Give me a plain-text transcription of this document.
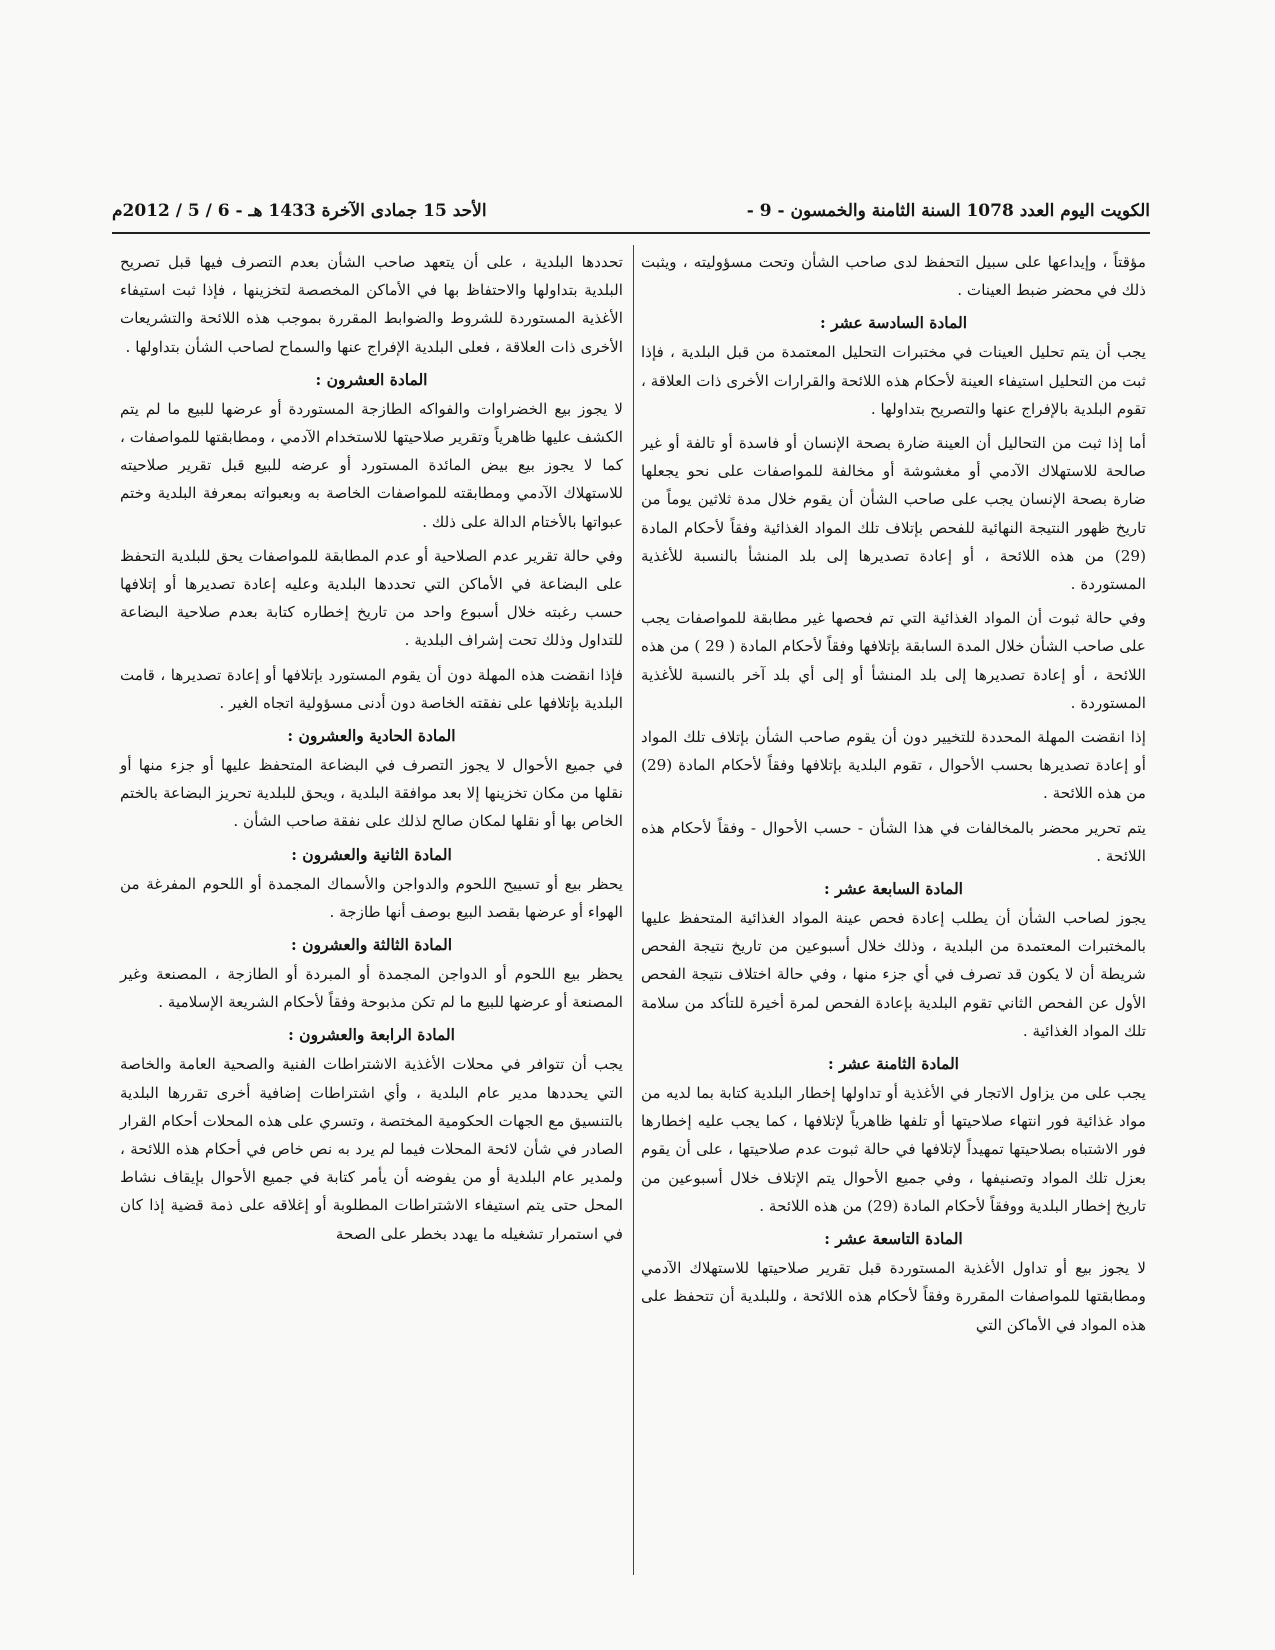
الكويت اليوم العدد 1078 السنة الثامنة والخمسون - 9 -
الأحد 15 جمادى الآخرة 1433 هـ - 6 / 5 / 2012م

مؤقتاً ، وإيداعها على سبيل التحفظ لدى صاحب الشأن وتحت مسؤوليته ، ويثبت ذلك في محضر ضبط العينات .

المادة السادسة عشر :

يجب أن يتم تحليل العينات في مختبرات التحليل المعتمدة من قبل البلدية ، فإذا ثبت من التحليل استيفاء العينة لأحكام هذه اللائحة والقرارات الأخرى ذات العلاقة ، تقوم البلدية بالإفراج عنها والتصريح بتداولها .

أما إذا ثبت من التحاليل أن العينة ضارة بصحة الإنسان أو فاسدة أو تالفة أو غير صالحة للاستهلاك الآدمي أو مغشوشة أو مخالفة للمواصفات على نحو يجعلها ضارة بصحة الإنسان يجب على صاحب الشأن أن يقوم خلال مدة ثلاثين يوماً من تاريخ ظهور النتيجة النهائية للفحص بإتلاف تلك المواد الغذائية وفقاً لأحكام المادة (29) من هذه اللائحة ، أو إعادة تصديرها إلى بلد المنشأ بالنسبة للأغذية المستوردة .

وفي حالة ثبوت أن المواد الغذائية التي تم فحصها غير مطابقة للمواصفات يجب على صاحب الشأن خلال المدة السابقة بإتلافها وفقاً لأحكام المادة ( 29 ) من هذه اللائحة ، أو إعادة تصديرها إلى بلد المنشأ أو إلى أي بلد آخر بالنسبة للأغذية المستوردة .

إذا انقضت المهلة المحددة للتخيير دون أن يقوم صاحب الشأن بإتلاف تلك المواد أو إعادة تصديرها بحسب الأحوال ، تقوم البلدية بإتلافها وفقاً لأحكام المادة (29) من هذه اللائحة .

يتم تحرير محضر بالمخالفات في هذا الشأن - حسب الأحوال - وفقاً لأحكام هذه اللائحة .

المادة السابعة عشر :

يجوز لصاحب الشأن أن يطلب إعادة فحص عينة المواد الغذائية المتحفظ عليها بالمختبرات المعتمدة من البلدية ، وذلك خلال أسبوعين من تاريخ نتيجة الفحص شريطة أن لا يكون قد تصرف في أي جزء منها ، وفي حالة اختلاف نتيجة الفحص الأول عن الفحص الثاني تقوم البلدية بإعادة الفحص لمرة أخيرة للتأكد من سلامة تلك المواد الغذائية .

المادة الثامنة عشر :

يجب على من يزاول الاتجار في الأغذية أو تداولها إخطار البلدية كتابة بما لديه من مواد غذائية فور انتهاء صلاحيتها أو تلفها ظاهرياً لإتلافها ، كما يجب عليه إخطارها فور الاشتباه بصلاحيتها تمهيداً لإتلافها في حالة ثبوت عدم صلاحيتها ، على أن يقوم بعزل تلك المواد وتصنيفها ، وفي جميع الأحوال يتم الإتلاف خلال أسبوعين من تاريخ إخطار البلدية ووفقاً لأحكام المادة (29) من هذه اللائحة .

المادة التاسعة عشر :

لا يجوز بيع أو تداول الأغذية المستوردة قبل تقرير صلاحيتها للاستهلاك الآدمي ومطابقتها للمواصفات المقررة وفقاً لأحكام هذه اللائحة ، وللبلدية أن تتحفظ على هذه المواد في الأماكن التي

تحددها البلدية ، على أن يتعهد صاحب الشأن بعدم التصرف فيها قبل تصريح البلدية بتداولها والاحتفاظ بها في الأماكن المخصصة لتخزينها ، فإذا ثبت استيفاء الأغذية المستوردة للشروط والضوابط المقررة بموجب هذه اللائحة والتشريعات الأخرى ذات العلاقة ، فعلى البلدية الإفراج عنها والسماح لصاحب الشأن بتداولها .

المادة العشرون :

لا يجوز بيع الخضراوات والفواكه الطازجة المستوردة أو عرضها للبيع ما لم يتم الكشف عليها ظاهرياً وتقرير صلاحيتها للاستخدام الآدمي ، ومطابقتها للمواصفات ، كما لا يجوز بيع بيض المائدة المستورد أو عرضه للبيع قبل تقرير صلاحيته للاستهلاك الآدمي ومطابقته للمواصفات الخاصة به وبعبواته بمعرفة البلدية وختم عبواتها بالأختام الدالة على ذلك .

وفي حالة تقرير عدم الصلاحية أو عدم المطابقة للمواصفات يحق للبلدية التحفظ على البضاعة في الأماكن التي تحددها البلدية وعليه إعادة تصديرها أو إتلافها حسب رغبته خلال أسبوع واحد من تاريخ إخطاره كتابة بعدم صلاحية البضاعة للتداول وذلك تحت إشراف البلدية .

فإذا انقضت هذه المهلة دون أن يقوم المستورد بإتلافها أو إعادة تصديرها ، قامت البلدية بإتلافها على نفقته الخاصة دون أدنى مسؤولية اتجاه الغير .

المادة الحادية والعشرون :

في جميع الأحوال لا يجوز التصرف في البضاعة المتحفظ عليها أو جزء منها أو نقلها من مكان تخزينها إلا بعد موافقة البلدية ، ويحق للبلدية تحريز البضاعة بالختم الخاص بها أو نقلها لمكان صالح لذلك على نفقة صاحب الشأن .

المادة الثانية والعشرون :

يحظر بيع أو تسييح اللحوم والدواجن والأسماك المجمدة أو اللحوم المفرغة من الهواء أو عرضها بقصد البيع بوصف أنها طازجة .

المادة الثالثة والعشرون :

يحظر بيع اللحوم أو الدواجن المجمدة أو المبردة أو الطازجة ، المصنعة وغير المصنعة أو عرضها للبيع ما لم تكن مذبوحة وفقاً لأحكام الشريعة الإسلامية .

المادة الرابعة والعشرون :

يجب أن تتوافر في محلات الأغذية الاشتراطات الفنية والصحية العامة والخاصة التي يحددها مدير عام البلدية ، وأي اشتراطات إضافية أخرى تقررها البلدية بالتنسيق مع الجهات الحكومية المختصة ، وتسري على هذه المحلات أحكام القرار الصادر في شأن لائحة المحلات فيما لم يرد به نص خاص في أحكام هذه اللائحة ، ولمدير عام البلدية أو من يفوضه أن يأمر كتابة في جميع الأحوال بإيقاف نشاط المحل حتى يتم استيفاء الاشتراطات المطلوبة أو إغلاقه على ذمة قضية إذا كان في استمرار تشغيله ما يهدد بخطر على الصحة
